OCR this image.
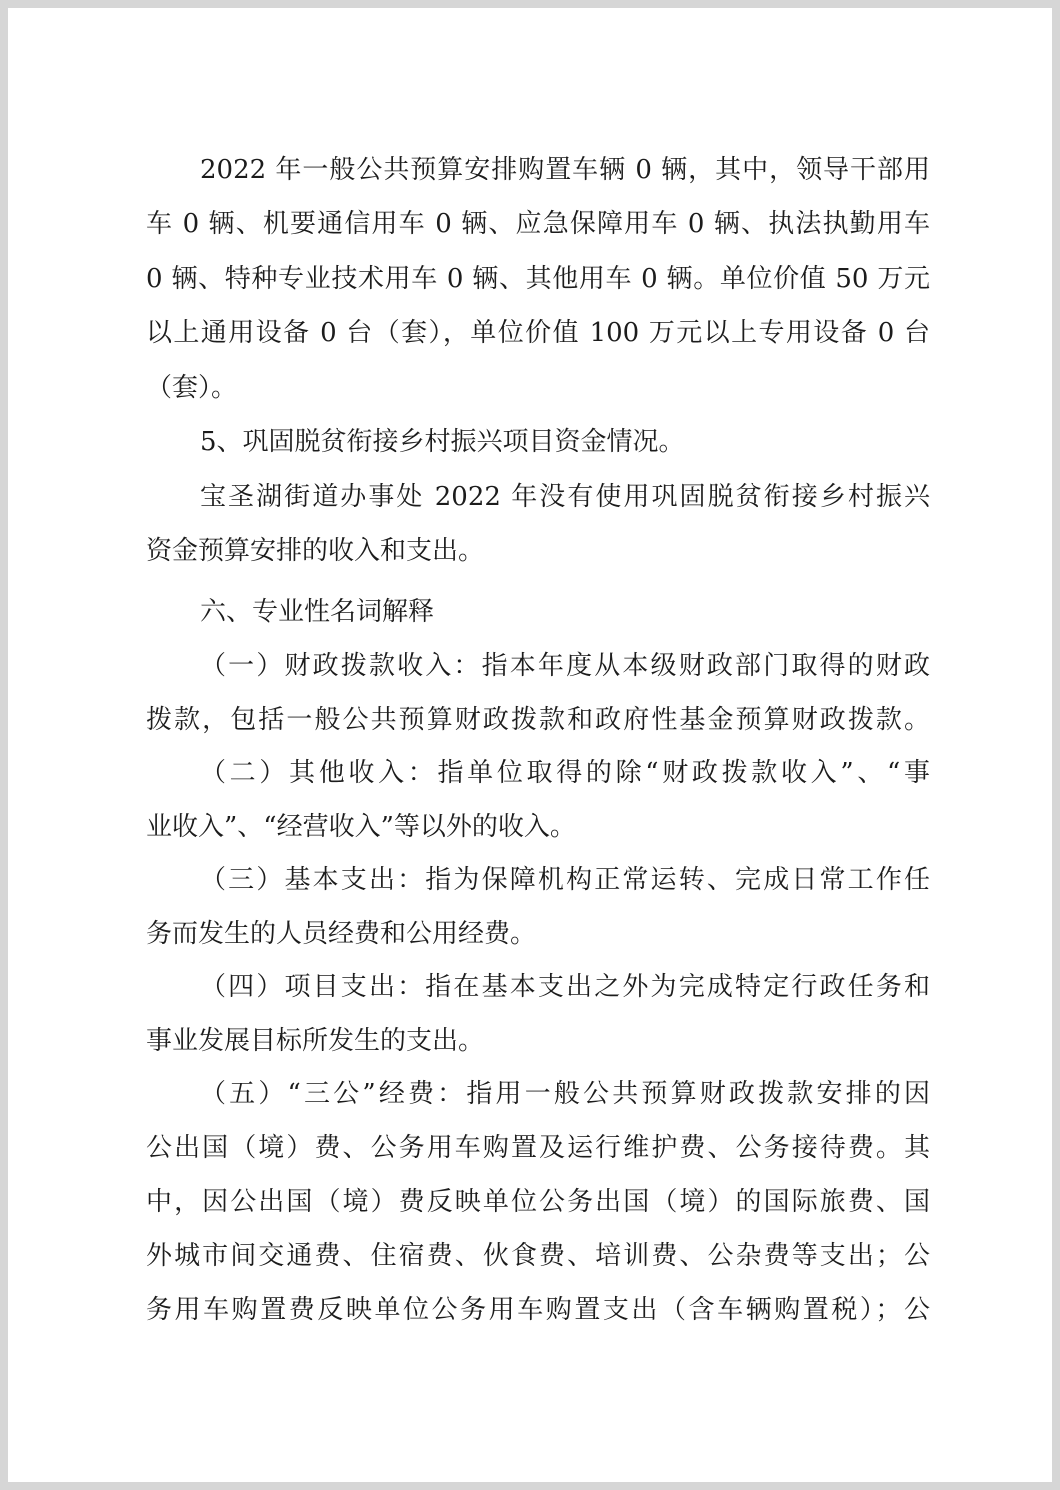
2022 年一般公共预算安排购置车辆 0 辆，其中，领导干部用
车 0 辆、机要通信用车 0 辆、应急保障用车 0 辆、执法执勤用车
0 辆、特种专业技术用车 0 辆、其他用车 0 辆。单位价值 50 万元
以上通用设备 0 台（套），单位价值 100 万元以上专用设备 0 台
（套）。
5、巩固脱贫衔接乡村振兴项目资金情况。
宝圣湖街道办事处 2022 年没有使用巩固脱贫衔接乡村振兴
资金预算安排的收入和支出。
六、专业性名词解释
（一）财政拨款收入：指本年度从本级财政部门取得的财政
拨款，包括一般公共预算财政拨款和政府性基金预算财政拨款。
（二）其他收入：指单位取得的除“财政拨款收入”、“事
业收入”、“经营收入”等以外的收入。
（三）基本支出：指为保障机构正常运转、完成日常工作任
务而发生的人员经费和公用经费。
（四）项目支出：指在基本支出之外为完成特定行政任务和
事业发展目标所发生的支出。
（五）“三公”经费：指用一般公共预算财政拨款安排的因
公出国（境）费、公务用车购置及运行维护费、公务接待费。其
中，因公出国（境）费反映单位公务出国（境）的国际旅费、国
外城市间交通费、住宿费、伙食费、培训费、公杂费等支出；公
务用车购置费反映单位公务用车购置支出（含车辆购置税）；公
